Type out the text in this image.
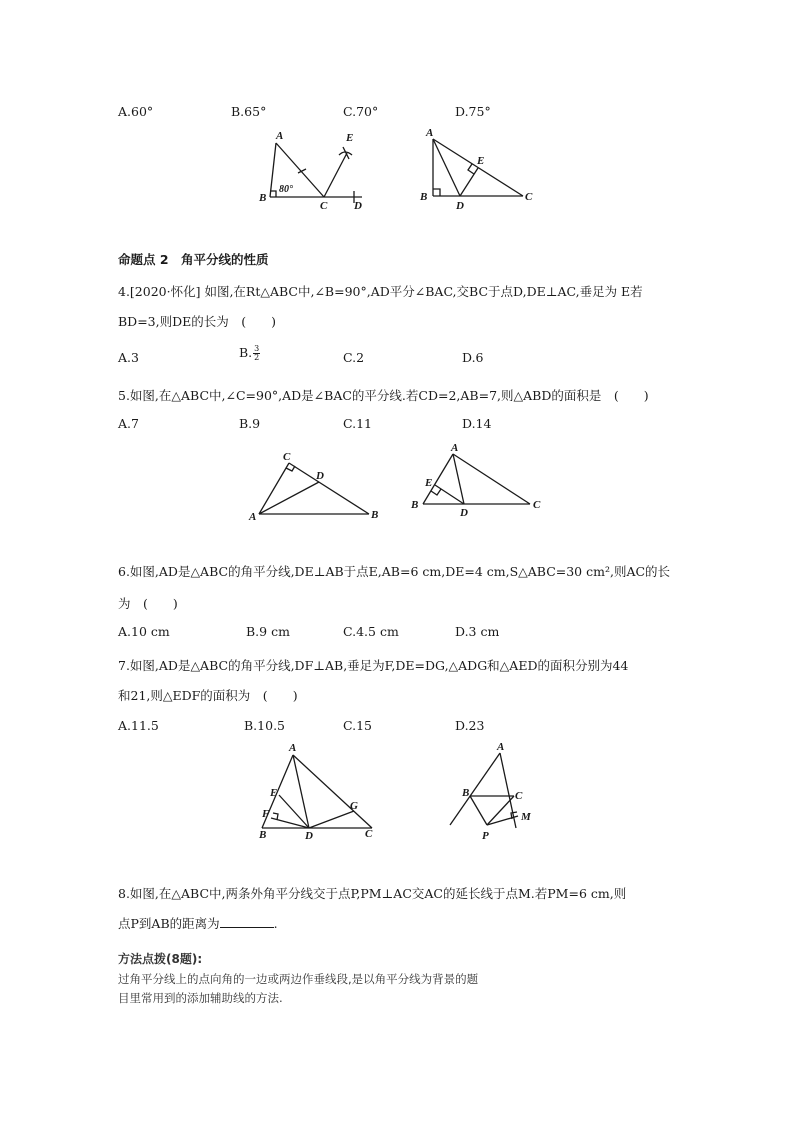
A.60°	B.65°	C.70°	D.75°
A
B
C D
E
80°
A
B	C
D
E
命题点 2　角平分线的性质
4.[2020·怀化] 如图,在Rt△ABC中,∠B=90°,AD平分∠BAC,交BC于点D,DE⊥AC,垂足为 E若
BD=3,则DE的长为　(　　)
A.3	B. $\frac{3}{2}$	C.2	D.6
5.如图,在△ABC中,∠C=90°,AD是∠BAC的平分线.若CD=2,AB=7,则△ABD的面积是　(　　)
A.7	B.9	C.11	D.14
C
D
A	B
A
B	C
D
E
6.如图,AD是△ABC的角平分线,DE⊥AB于点E,AB=6 cm,DE=4 cm,S△ABC=30 cm²,则AC的长
为　(　　)
A.10 cm	B.9 cm	C.4.5 cm	D.3 cm
7.如图,AD是△ABC的角平分线,DF⊥AB,垂足为F,DE=DG,△ADG和△AED的面积分别为44
和21,则△EDF的面积为　(　　)
A.11.5	B.10.5	C.15	D.23
A
E
F
B	D
G
C
A
B	C
M
P
8.如图,在△ABC中,两条外角平分线交于点P,PM⊥AC交AC的延长线于点M.若PM=6 cm,则
点P到AB的距离为	.
方法点拨(8题):
过角平分线上的点向角的一边或两边作垂线段,是以角平分线为背景的题
目里常用到的添加辅助线的方法.
